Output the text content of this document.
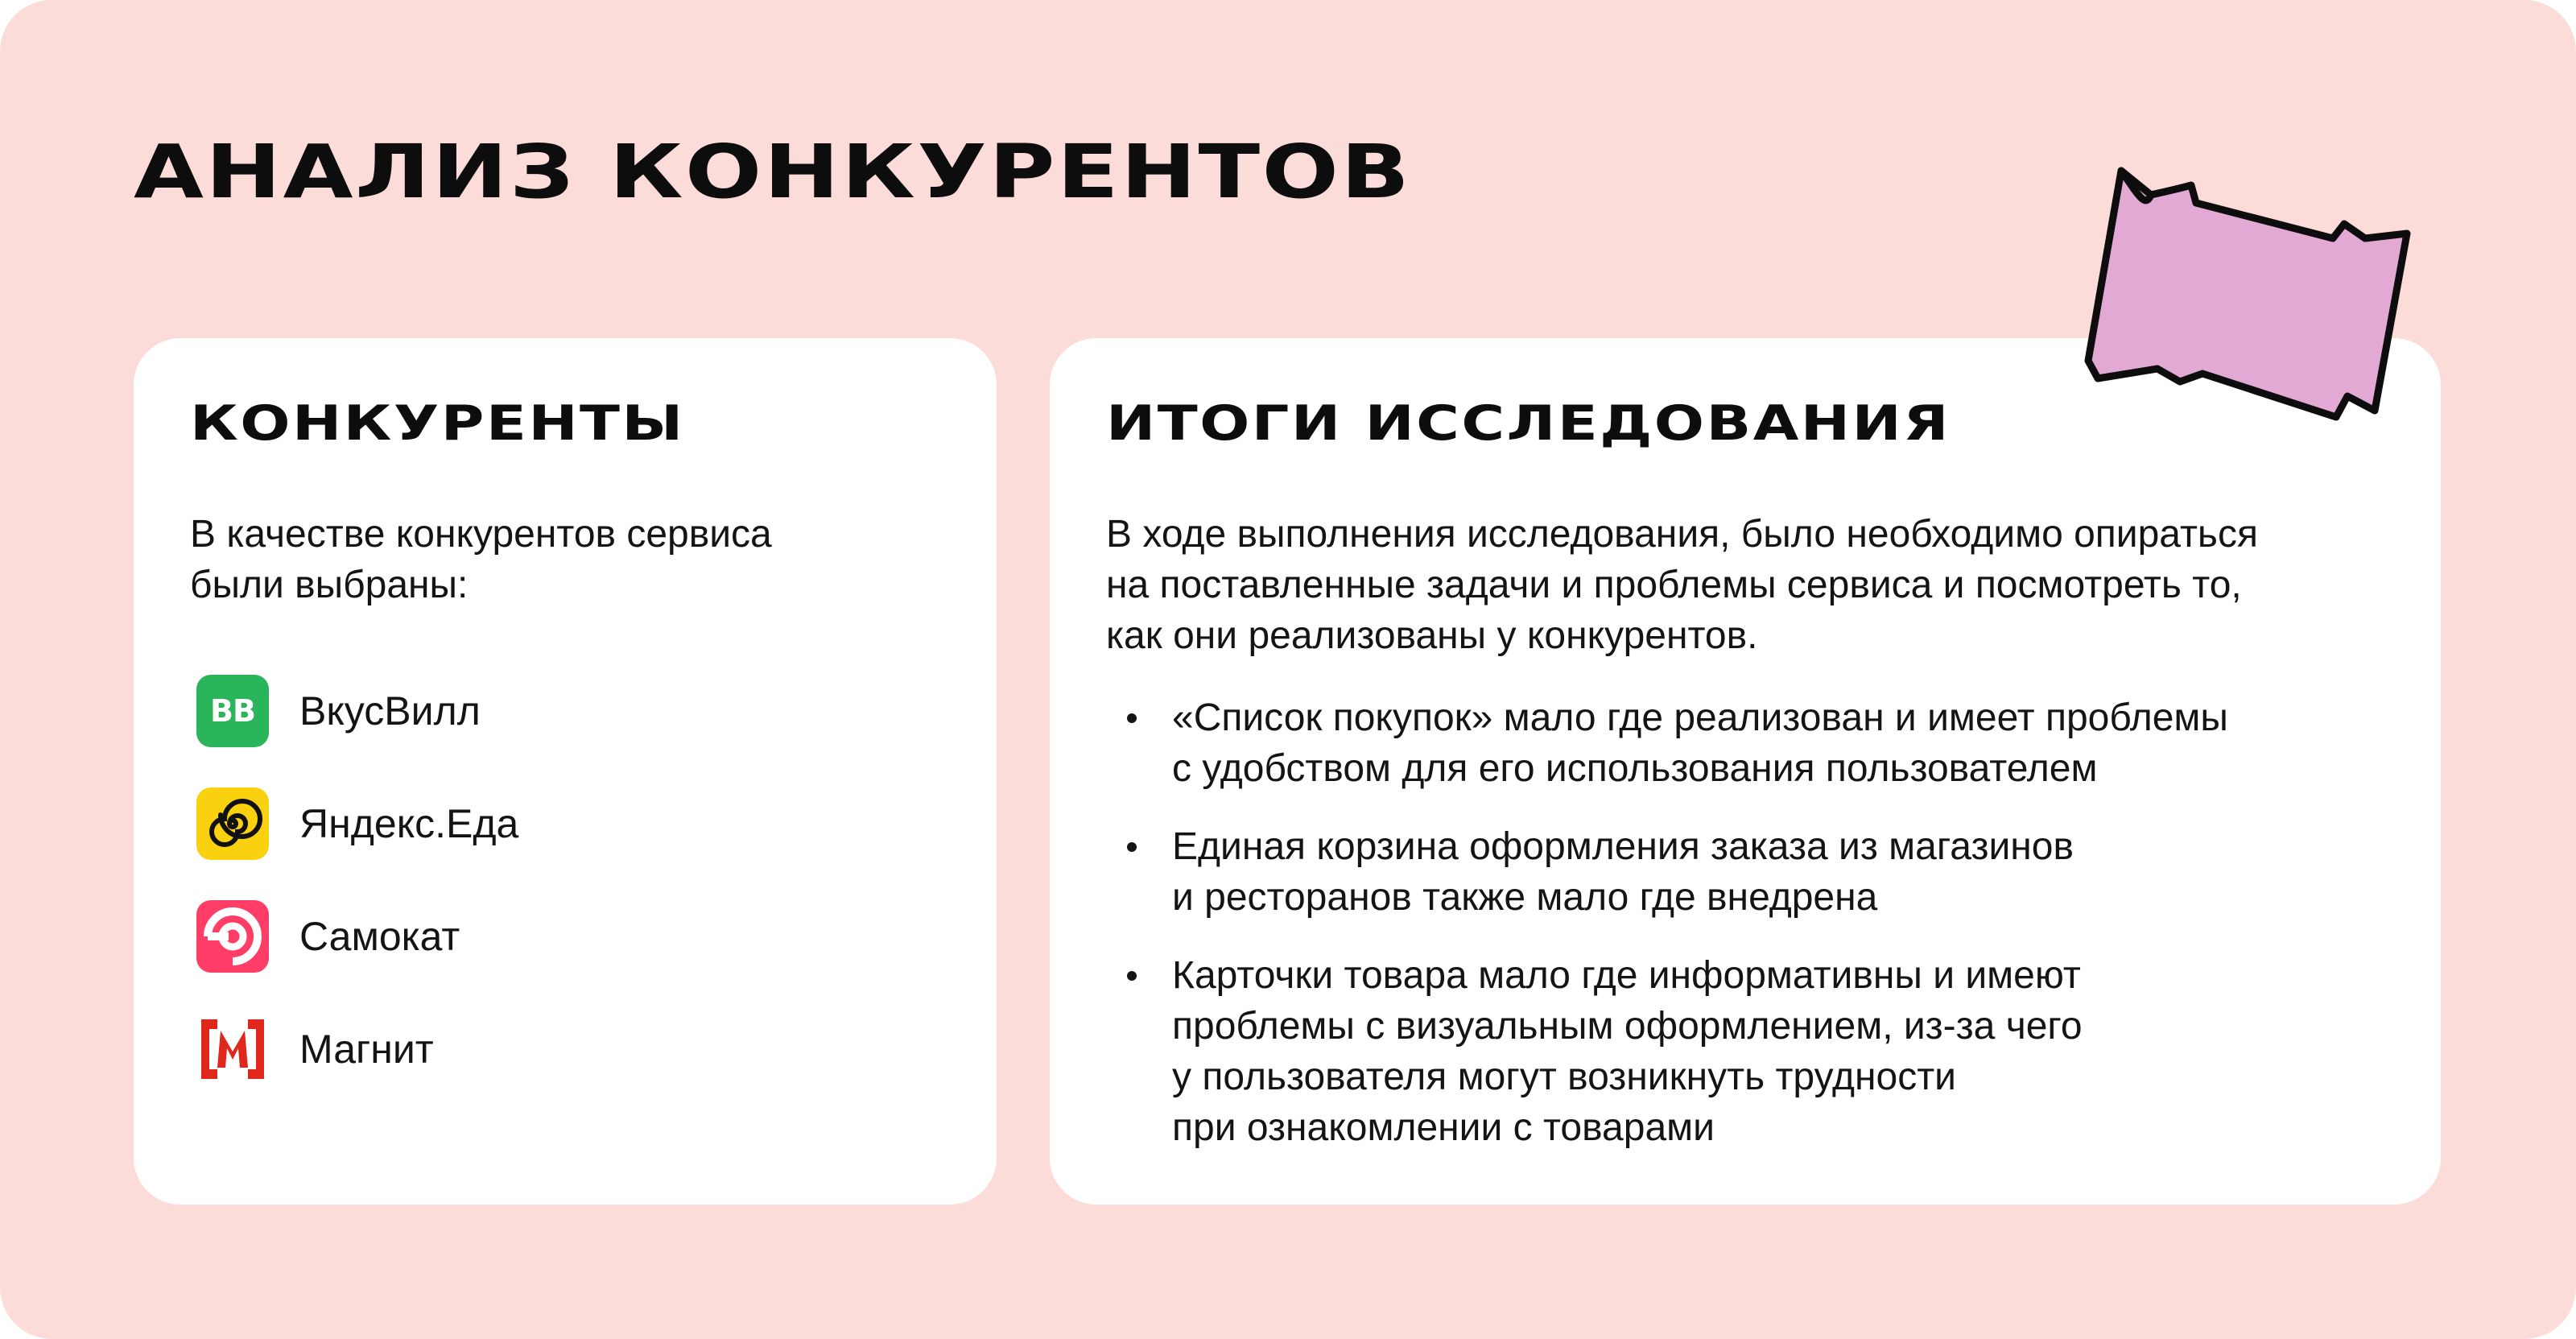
АНАЛИЗ КОНКУРЕНТОВ
КОНКУРЕНТЫ

В качестве конкурентов сервиса
были выбраны:

ВВ	ВкусВилл
Яндекс.Еда
Самокат
Магнит
ИТОГИ ИССЛЕДОВАНИЯ

В ходе выполнения исследования, было необходимо опираться
на поставленные задачи и проблемы сервиса и посмотреть то,
как они реализованы у конкурентов.

«Список покупок» мало где реализован и имеет проблемы
с удобством для его использования пользователем
Единая корзина оформления заказа из магазинов
и ресторанов также мало где внедрена
Карточки товара мало где информативны и имеют
проблемы с визуальным оформлением, из-за чего
у пользователя могут возникнуть трудности
при ознакомлении с товарами
